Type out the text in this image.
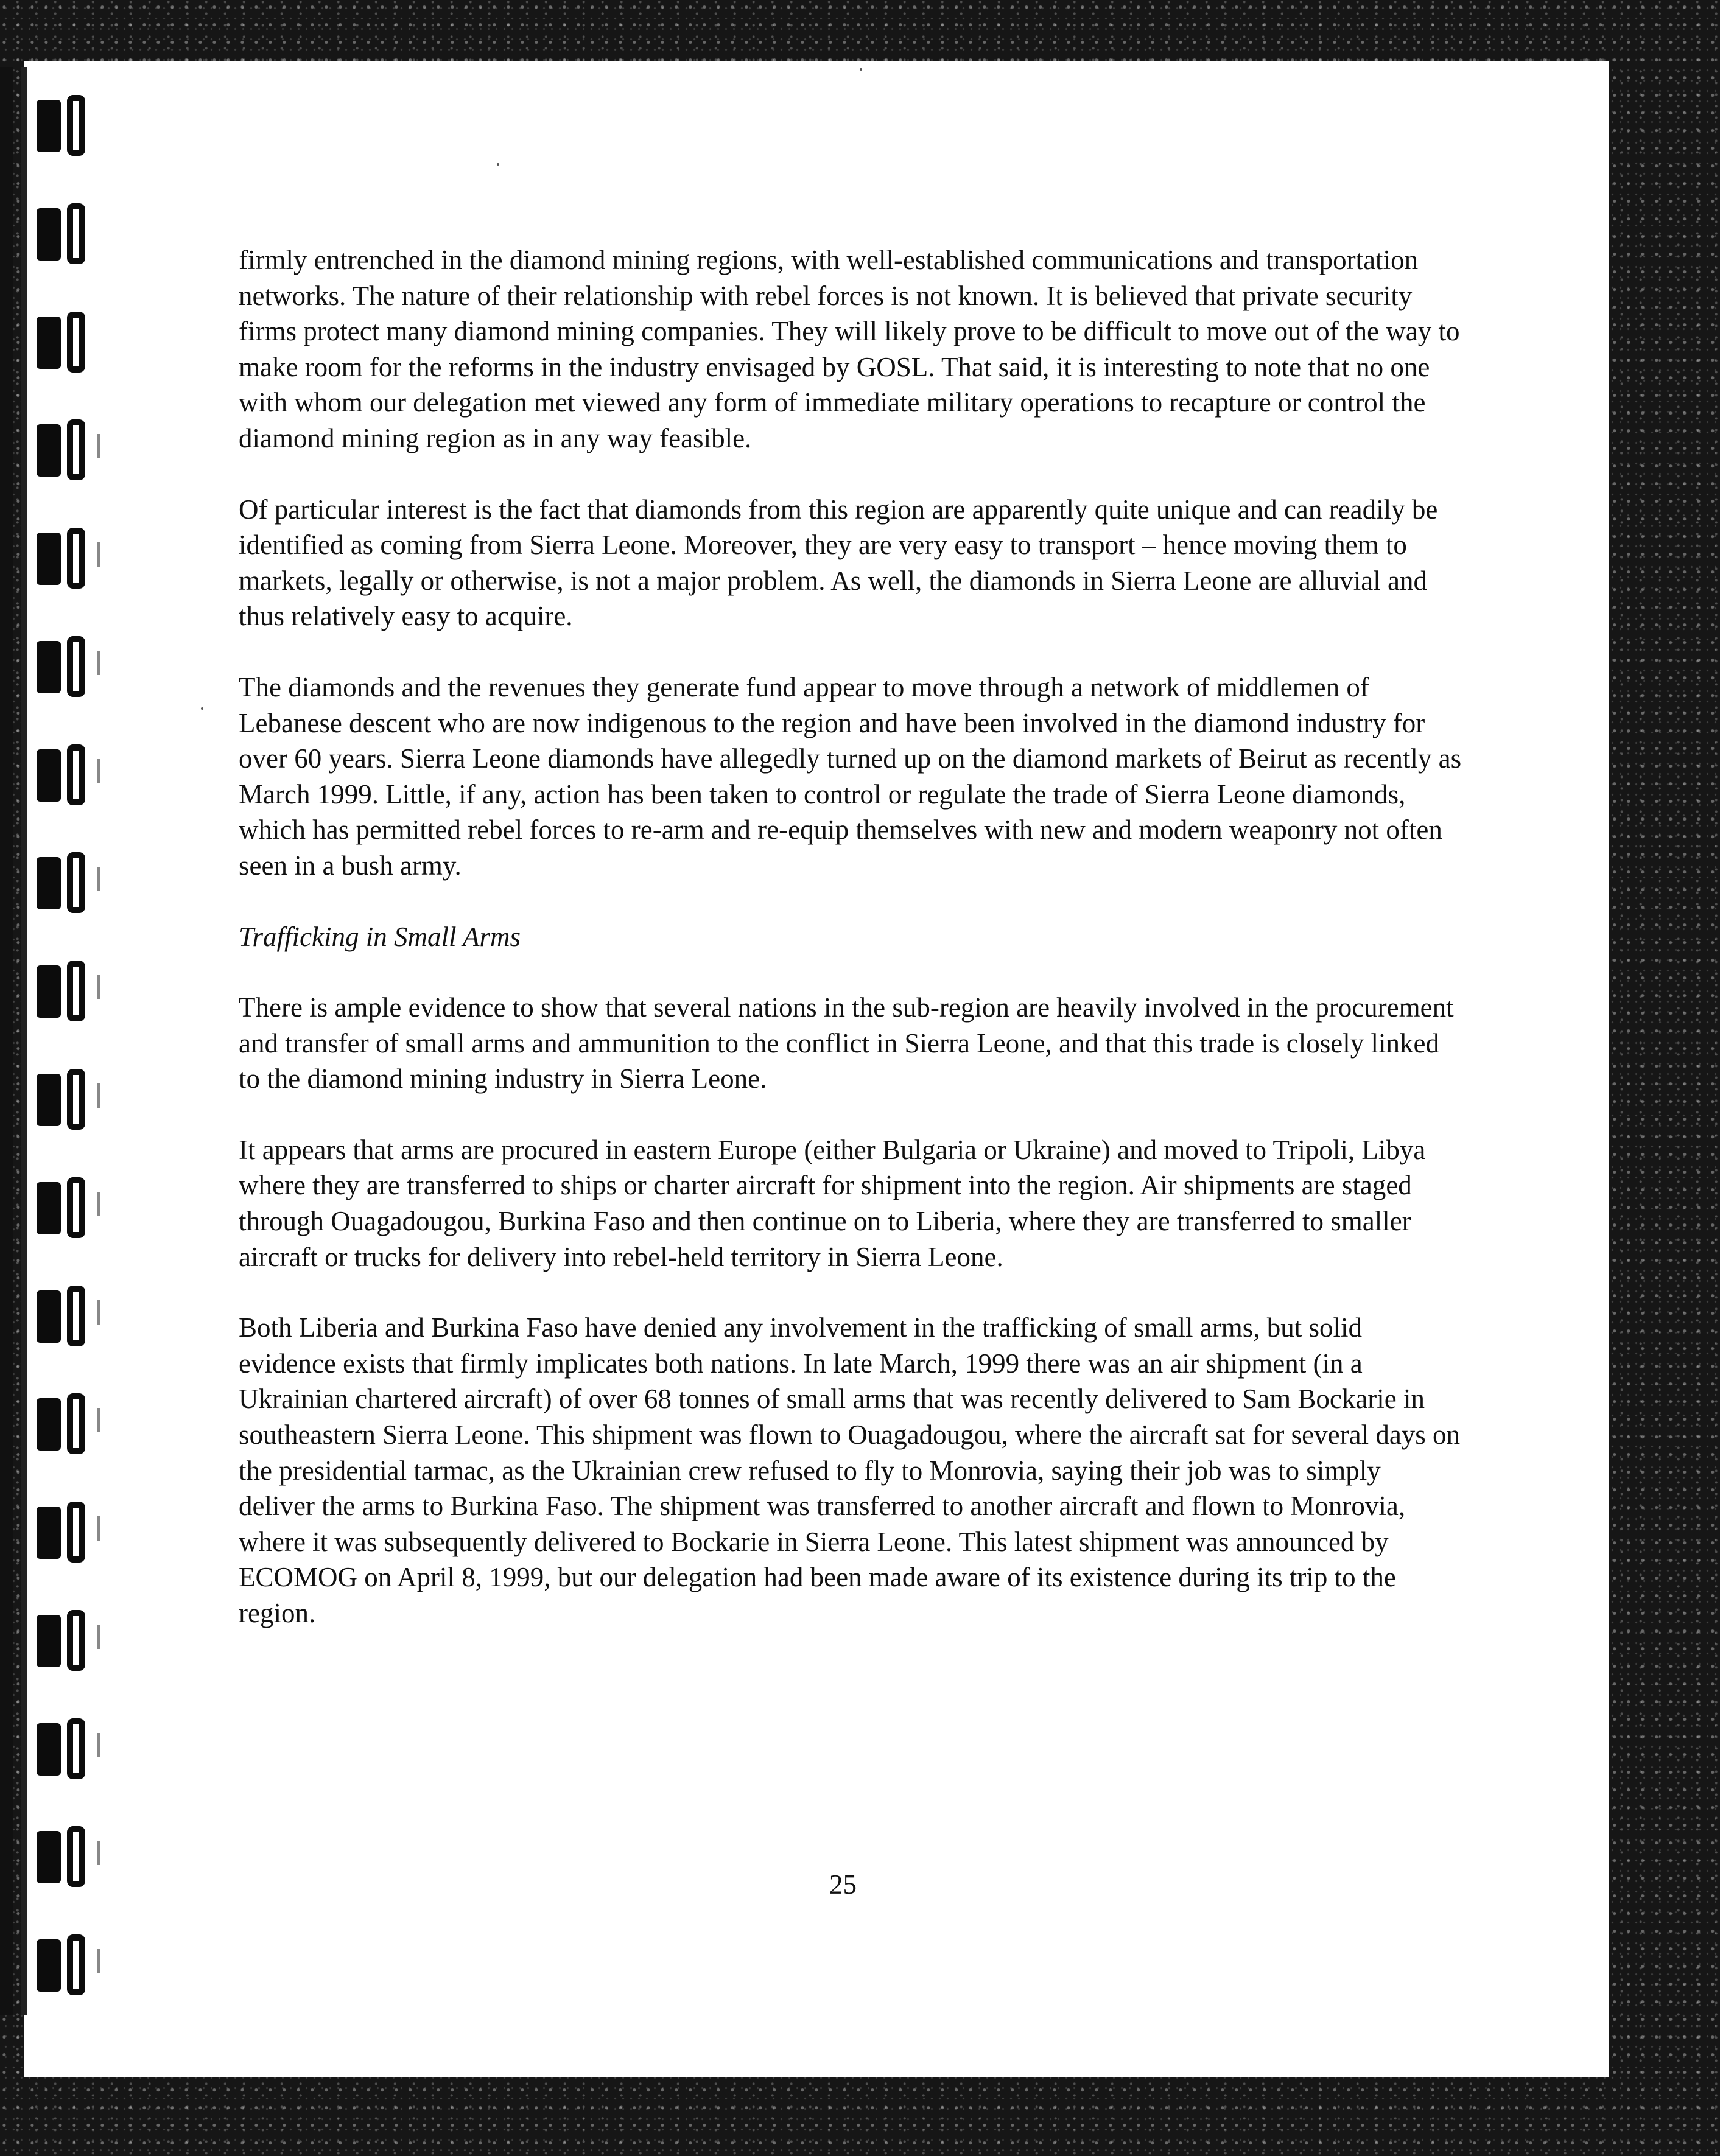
firmly entrenched in the diamond mining regions, with well-established communications and transportation networks. The nature of their relationship with rebel forces is not known. It is believed that private security firms protect many diamond mining companies. They will likely prove to be difficult to move out of the way to make room for the reforms in the industry envisaged by GOSL. That said, it is interesting to note that no one with whom our delegation met viewed any form of immediate military operations to recapture or control the diamond mining region as in any way feasible.

Of particular interest is the fact that diamonds from this region are apparently quite unique and can readily be identified as coming from Sierra Leone. Moreover, they are very easy to transport – hence moving them to markets, legally or otherwise, is not a major problem. As well, the diamonds in Sierra Leone are alluvial and thus relatively easy to acquire.

The diamonds and the revenues they generate fund appear to move through a network of middlemen of Lebanese descent who are now indigenous to the region and have been involved in the diamond industry for over 60 years. Sierra Leone diamonds have allegedly turned up on the diamond markets of Beirut as recently as March 1999. Little, if any, action has been taken to control or regulate the trade of Sierra Leone diamonds, which has permitted rebel forces to re-arm and re-equip themselves with new and modern weaponry not often seen in a bush army.

Trafficking in Small Arms

There is ample evidence to show that several nations in the sub-region are heavily involved in the procurement and transfer of small arms and ammunition to the conflict in Sierra Leone, and that this trade is closely linked to the diamond mining industry in Sierra Leone.

It appears that arms are procured in eastern Europe (either Bulgaria or Ukraine) and moved to Tripoli, Libya where they are transferred to ships or charter aircraft for shipment into the region. Air shipments are staged through Ouagadougou, Burkina Faso and then continue on to Liberia, where they are transferred to smaller aircraft or trucks for delivery into rebel-held territory in Sierra Leone.

Both Liberia and Burkina Faso have denied any involvement in the trafficking of small arms, but solid evidence exists that firmly implicates both nations. In late March, 1999 there was an air shipment (in a Ukrainian chartered aircraft) of over 68 tonnes of small arms that was recently delivered to Sam Bockarie in southeastern Sierra Leone. This shipment was flown to Ouagadougou, where the aircraft sat for several days on the presidential tarmac, as the Ukrainian crew refused to fly to Monrovia, saying their job was to simply deliver the arms to Burkina Faso. The shipment was transferred to another aircraft and flown to Monrovia, where it was subsequently delivered to Bockarie in Sierra Leone. This latest shipment was announced by ECOMOG on April 8, 1999, but our delegation had been made aware of its existence during its trip to the region.

25
